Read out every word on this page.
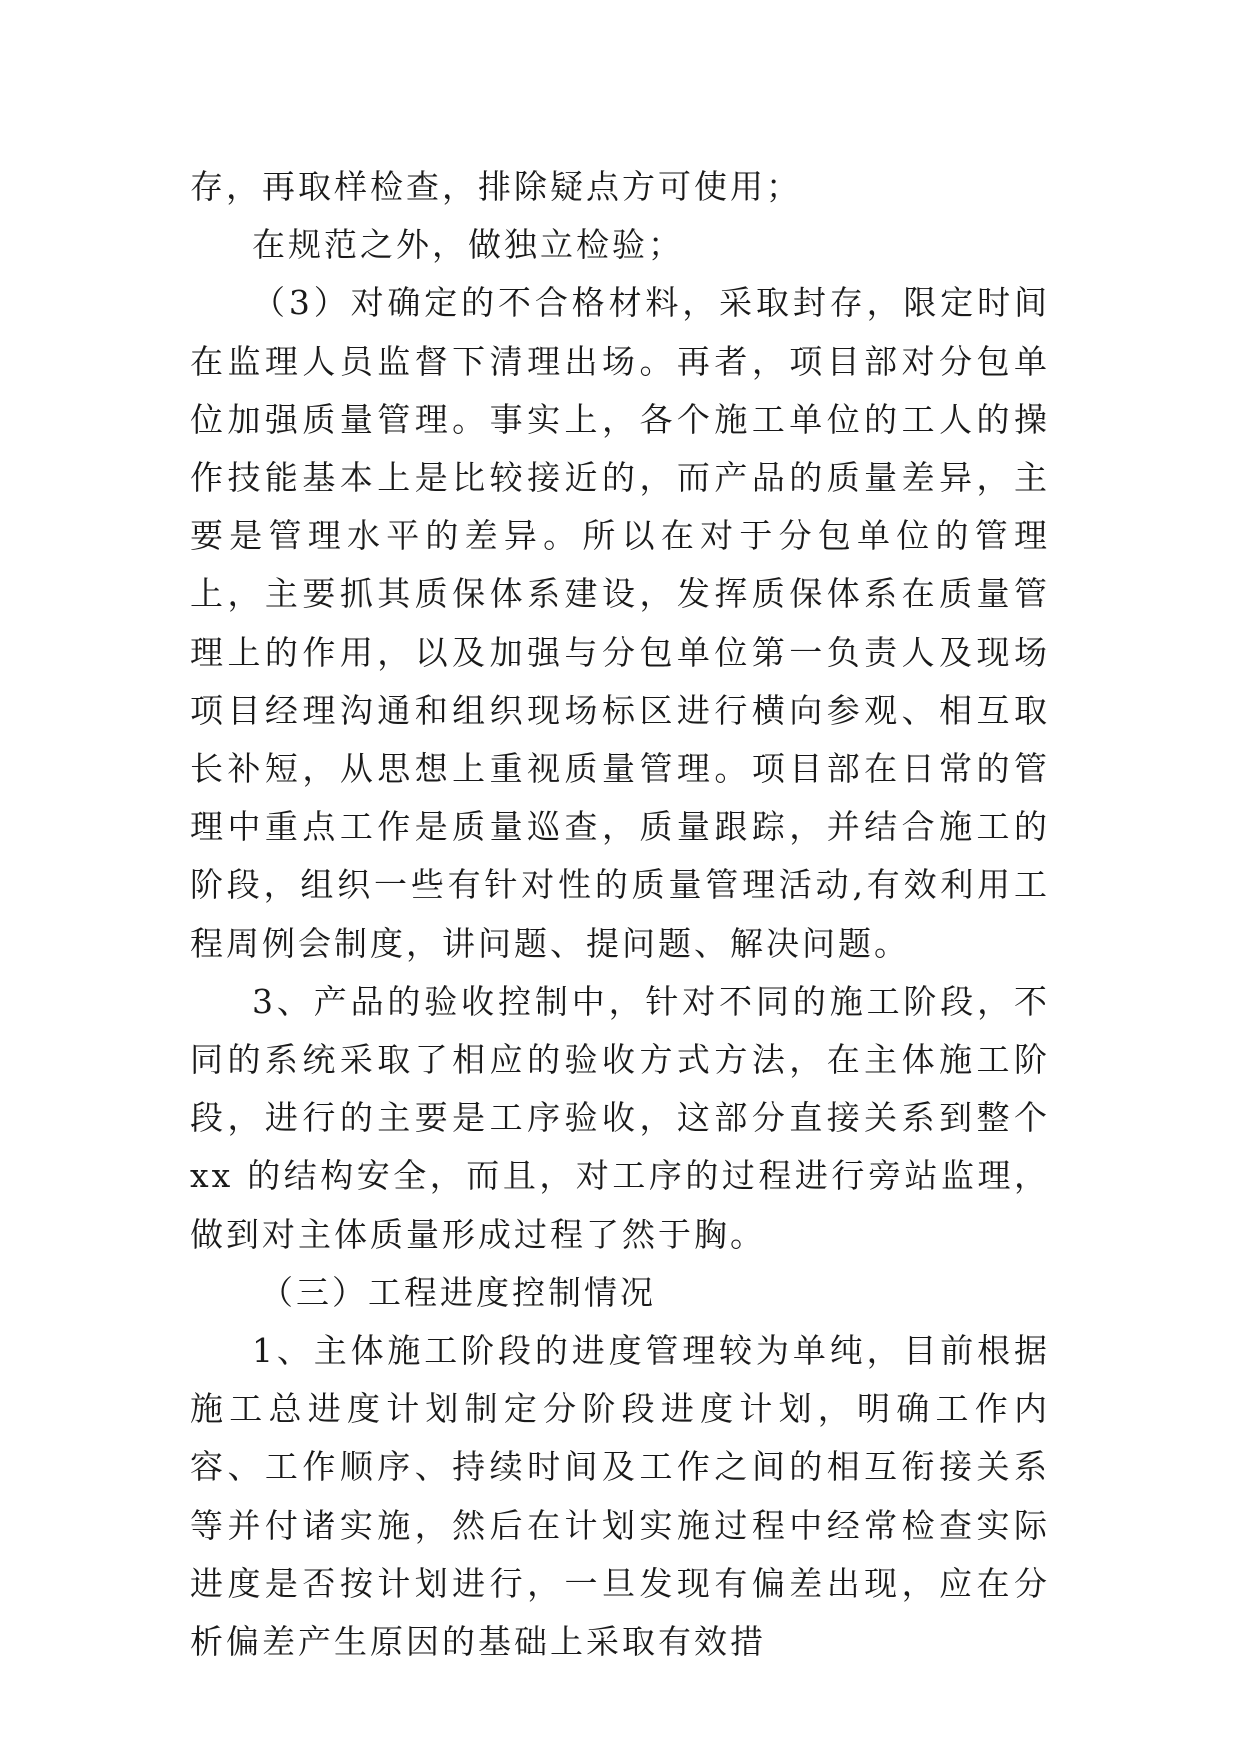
存，再取样检查，排除疑点方可使用；

在规范之外，做独立检验；

（3）对确定的不合格材料，采取封存，限定时间在监理人员监督下清理出场。再者，项目部对分包单位加强质量管理。事实上，各个施工单位的工人的操作技能基本上是比较接近的，而产品的质量差异，主要是管理水平的差异。所以在对于分包单位的管理上，主要抓其质保体系建设，发挥质保体系在质量管理上的作用，以及加强与分包单位第一负责人及现场项目经理沟通和组织现场标区进行横向参观、相互取长补短，从思想上重视质量管理。项目部在日常的管理中重点工作是质量巡查，质量跟踪，并结合施工的阶段，组织一些有针对性的质量管理活动,有效利用工程周例会制度，讲问题、提问题、解决问题。

3、产品的验收控制中，针对不同的施工阶段，不同的系统采取了相应的验收方式方法，在主体施工阶段，进行的主要是工序验收，这部分直接关系到整个 xx 的结构安全，而且，对工序的过程进行旁站监理，做到对主体质量形成过程了然于胸。

（三）工程进度控制情况

1、主体施工阶段的进度管理较为单纯，目前根据施工总进度计划制定分阶段进度计划，明确工作内容、工作顺序、持续时间及工作之间的相互衔接关系等并付诸实施，然后在计划实施过程中经常检查实际进度是否按计划进行，一旦发现有偏差出现，应在分析偏差产生原因的基础上采取有效措
